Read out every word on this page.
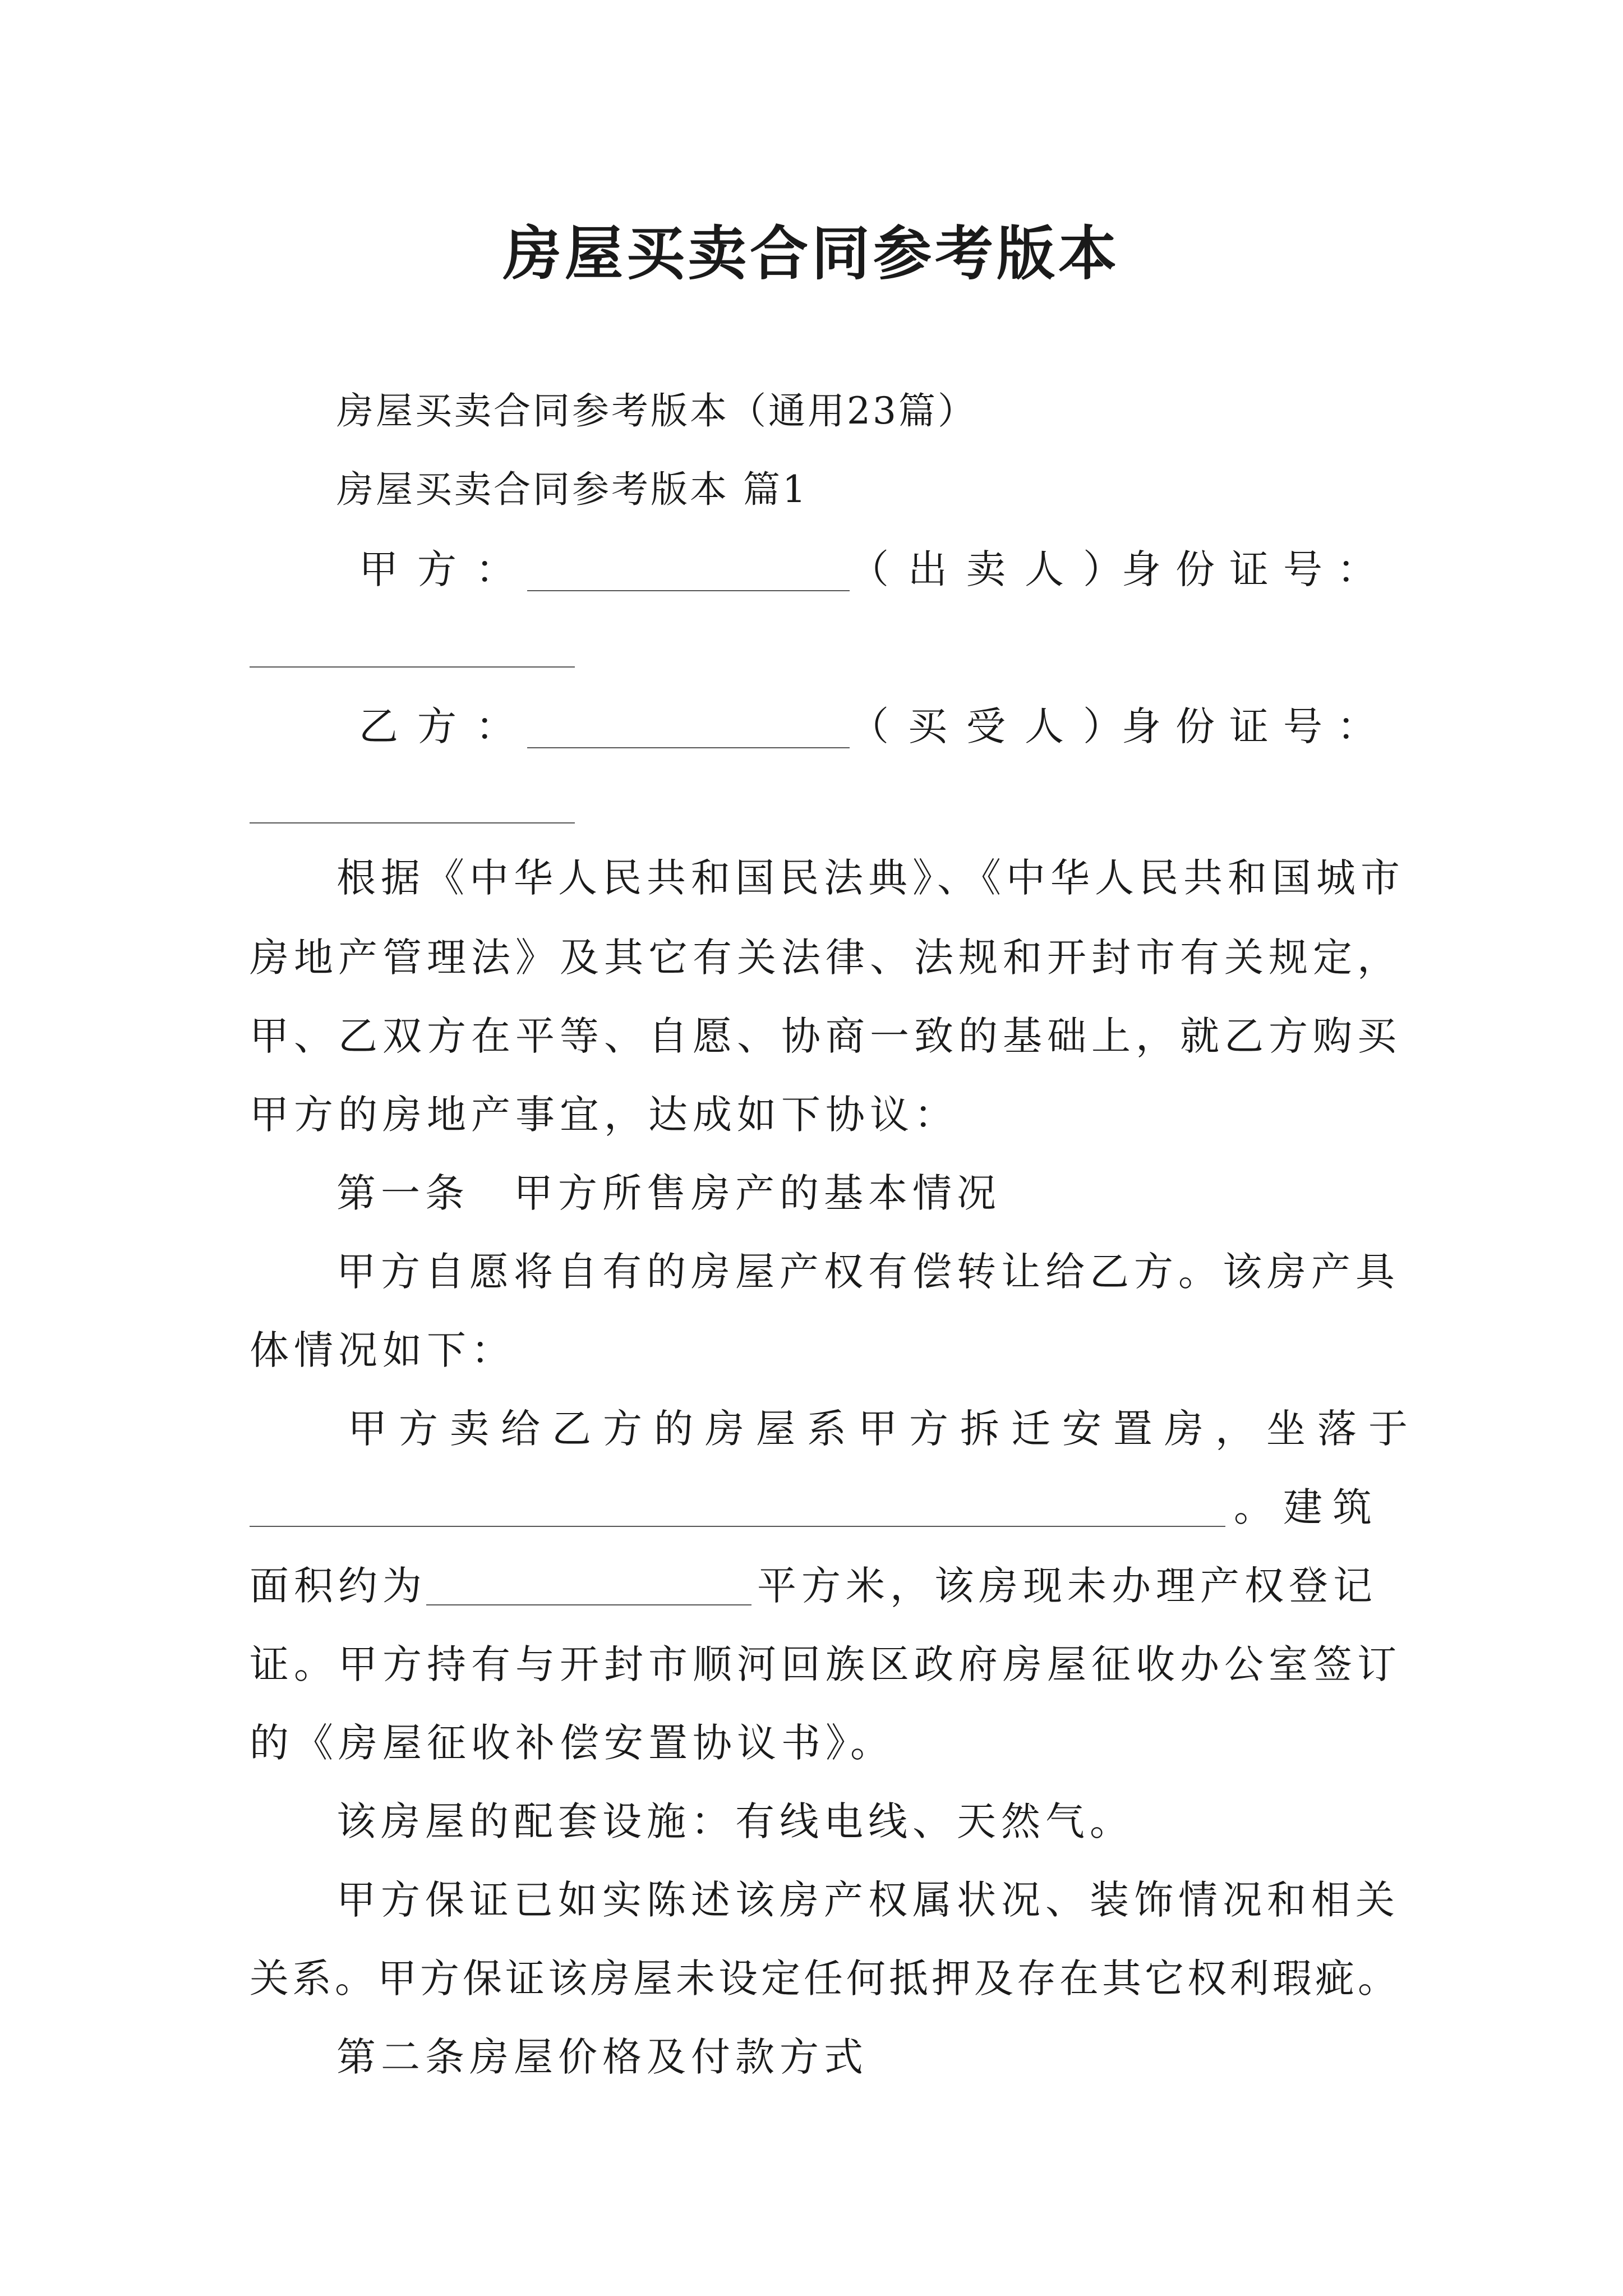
房屋买卖合同参考版本
房屋买卖合同参考版本（通用23篇）
房屋买卖合同参考版本 篇1
甲方：	（出卖人）
身份证号：
乙方：	（买受人）
身份证号：
根据《中华人民共和国民法典》、《中华人民共和国城市
房地产管理法》及其它有关法律、法规和开封市有关规定，
甲、乙双方在平等、自愿、协商一致的基础上，就乙方购买
甲方的房地产事宜，达成如下协议：
第一条　甲方所售房产的基本情况
甲方自愿将自有的房屋产权有偿转让给乙方。该房产具
体情况如下：
甲方卖给乙方的房屋系甲方拆迁安置房，坐落于
。建筑
面积约为	平方米，该房现未办理产权登记
证。甲方持有与开封市顺河回族区政府房屋征收办公室签订
的《房屋征收补偿安置协议书》。
该房屋的配套设施：有线电线、天然气。
甲方保证已如实陈述该房产权属状况、装饰情况和相关
关系。甲方保证该房屋未设定任何抵押及存在其它权利瑕疵。
第二条房屋价格及付款方式
